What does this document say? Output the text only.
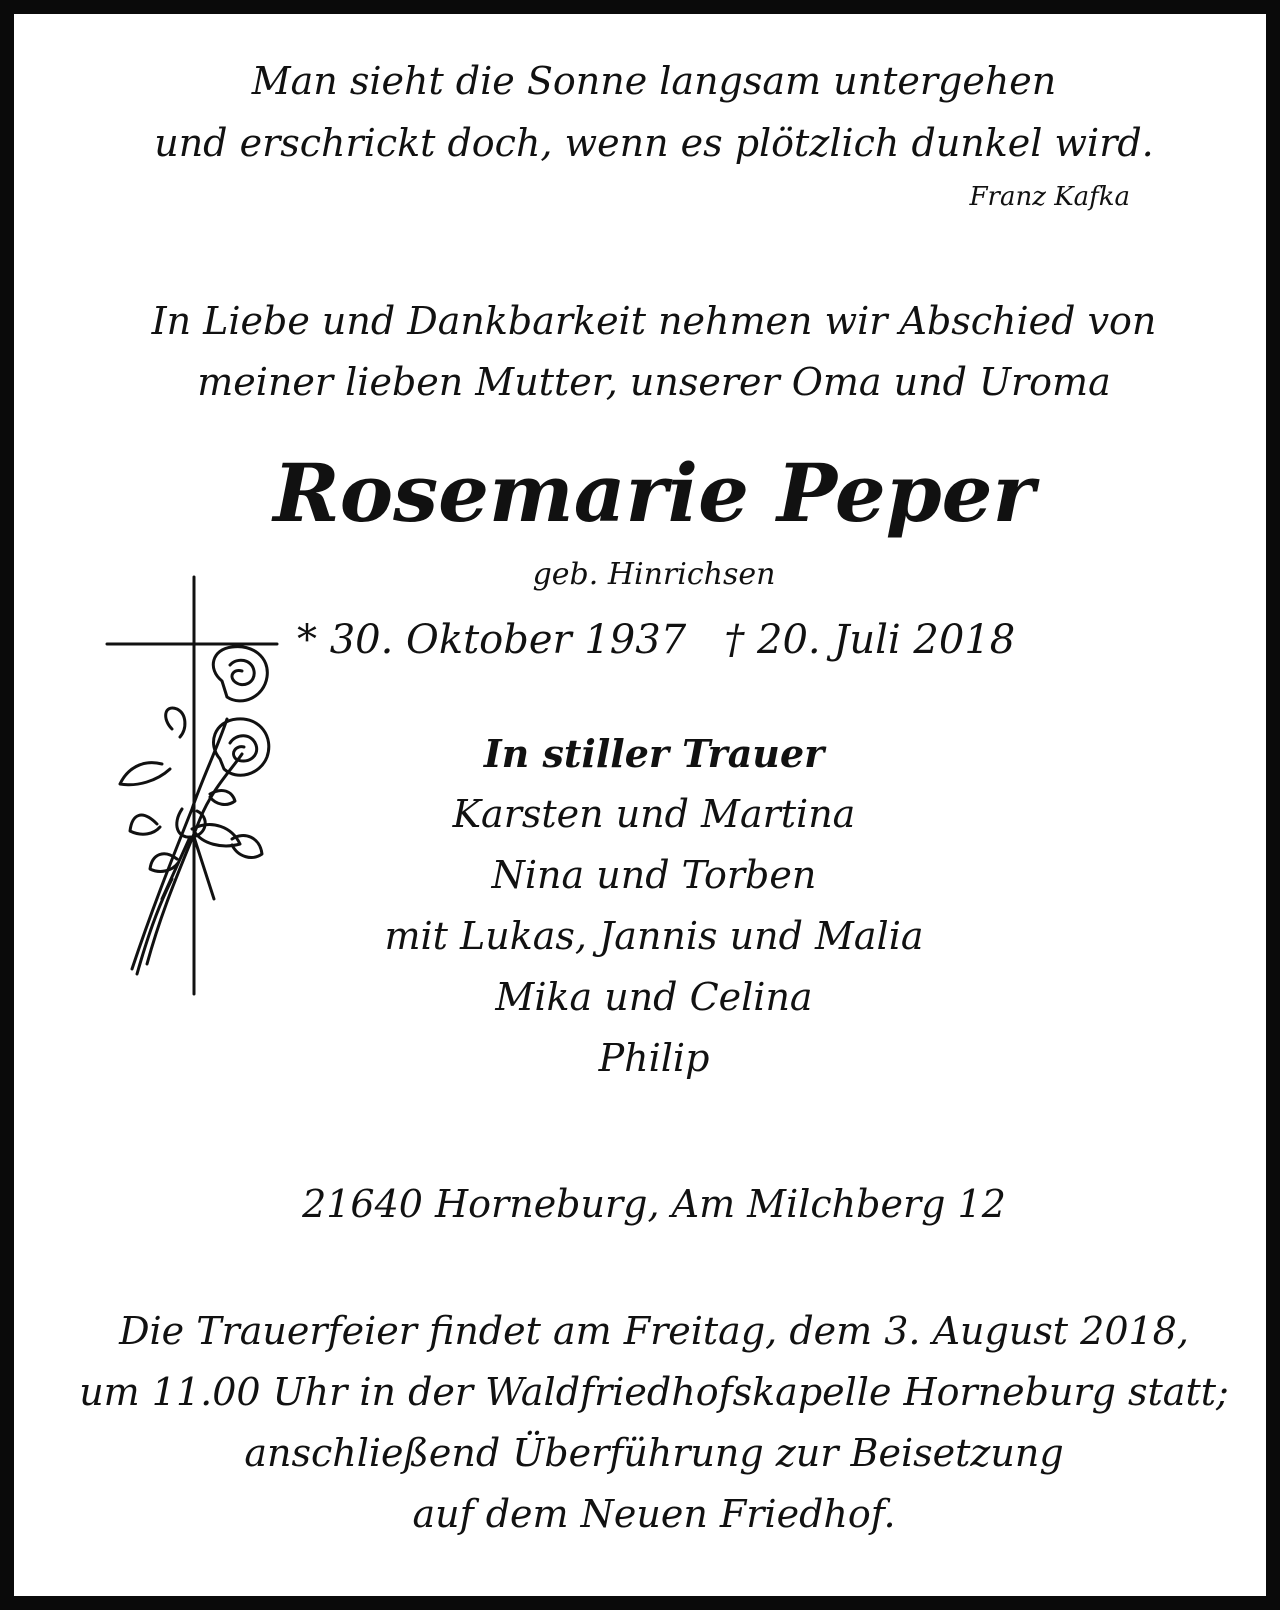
Man sieht die Sonne langsam untergehen
und erschrickt doch, wenn es plötzlich dunkel wird.
Franz Kafka
In Liebe und Dankbarkeit nehmen wir Abschied von
meiner lieben Mutter, unserer Oma und Uroma
Rosemarie Peper
geb. Hinrichsen
* 30. Oktober 1937   † 20. Juli 2018
In stiller Trauer
Karsten und Martina
Nina und Torben
mit Lukas, Jannis und Malia
Mika und Celina
Philip
21640 Horneburg, Am Milchberg 12
Die Trauerfeier findet am Freitag, dem 3. August 2018,
um 11.00 Uhr in der Waldfriedhofskapelle Horneburg statt;
anschließend Überführung zur Beisetzung
auf dem Neuen Friedhof.
